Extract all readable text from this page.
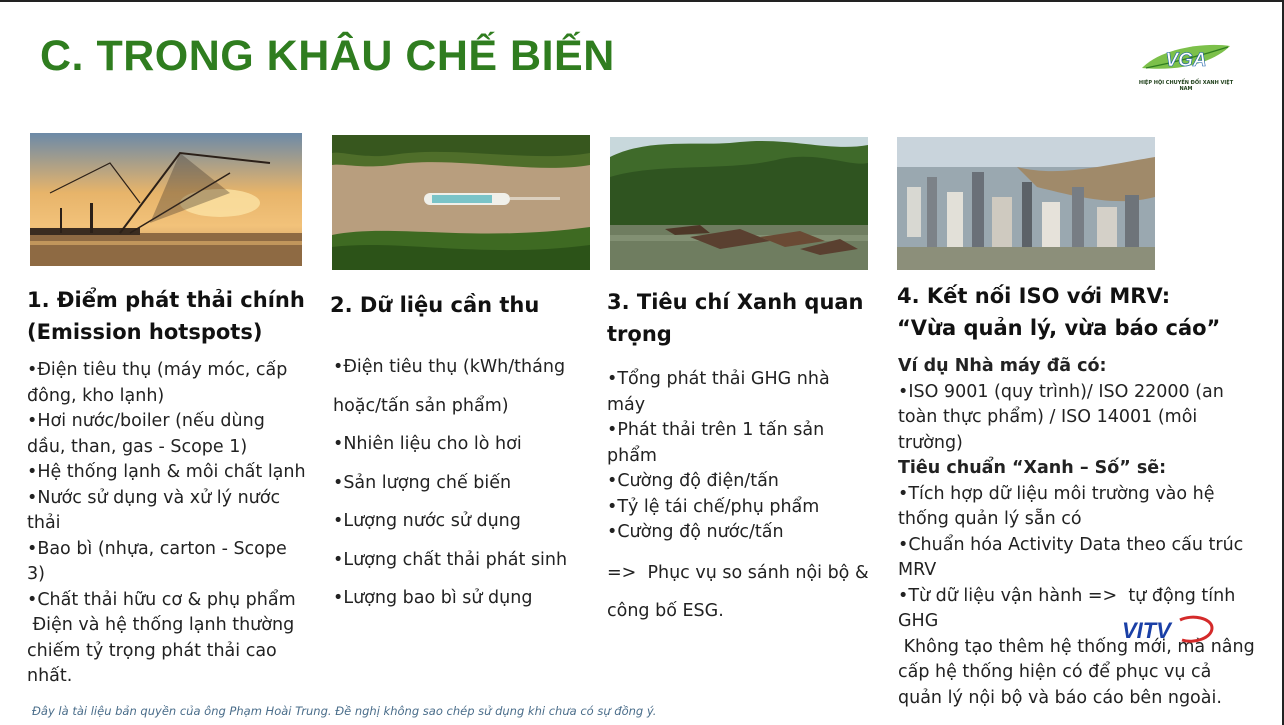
C. TRONG KHÂU CHẾ BIẾN	VGA
HIỆP HỘI CHUYỂN ĐỔI XANH VIỆT NAM
1. Điểm phát thải chính
(Emission hotspots)

•Điện tiêu thụ (máy móc, cấp

đông, kho lạnh)

•Hơi nước/boiler (nếu dùng

dầu, than, gas - Scope 1)

•Hệ thống lạnh & môi chất lạnh

•Nước sử dụng và xử lý nước

thải

•Bao bì (nhựa, carton - Scope

3)

•Chất thải hữu cơ & phụ phẩm

Điện và hệ thống lạnh thường

chiếm tỷ trọng phát thải cao

nhất.

2. Dữ liệu cần thu

•Điện tiêu thụ (kWh/tháng

hoặc/tấn sản phẩm)

•Nhiên liệu cho lò hơi

•Sản lượng chế biến

•Lượng nước sử dụng

•Lượng chất thải phát sinh

•Lượng bao bì sử dụng

3. Tiêu chí Xanh quan
trọng

•Tổng phát thải GHG nhà

máy

•Phát thải trên 1 tấn sản

phẩm

•Cường độ điện/tấn

•Tỷ lệ tái chế/phụ phẩm

•Cường độ nước/tấn

=>  Phục vụ so sánh nội bộ &

công bố ESG.

4. Kết nối ISO với MRV:
“Vừa quản lý, vừa báo cáo”

Ví dụ Nhà máy đã có:

•ISO 9001 (quy trình)/ ISO 22000 (an

toàn thực phẩm) / ISO 14001 (môi

trường)

Tiêu chuẩn “Xanh – Số” sẽ:

•Tích hợp dữ liệu môi trường vào hệ

thống quản lý sẵn có

•Chuẩn hóa Activity Data theo cấu trúc

MRV

•Từ dữ liệu vận hành =>  tự động tính

GHG

Không tạo thêm hệ thống mới, mà nâng

cấp hệ thống hiện có để phục vụ cả

quản lý nội bộ và báo cáo bên ngoài.

VITV
Đây là tài liệu bản quyền của ông Phạm Hoài Trung. Đề nghị không sao chép sử dụng khi chưa có sự đồng ý.
